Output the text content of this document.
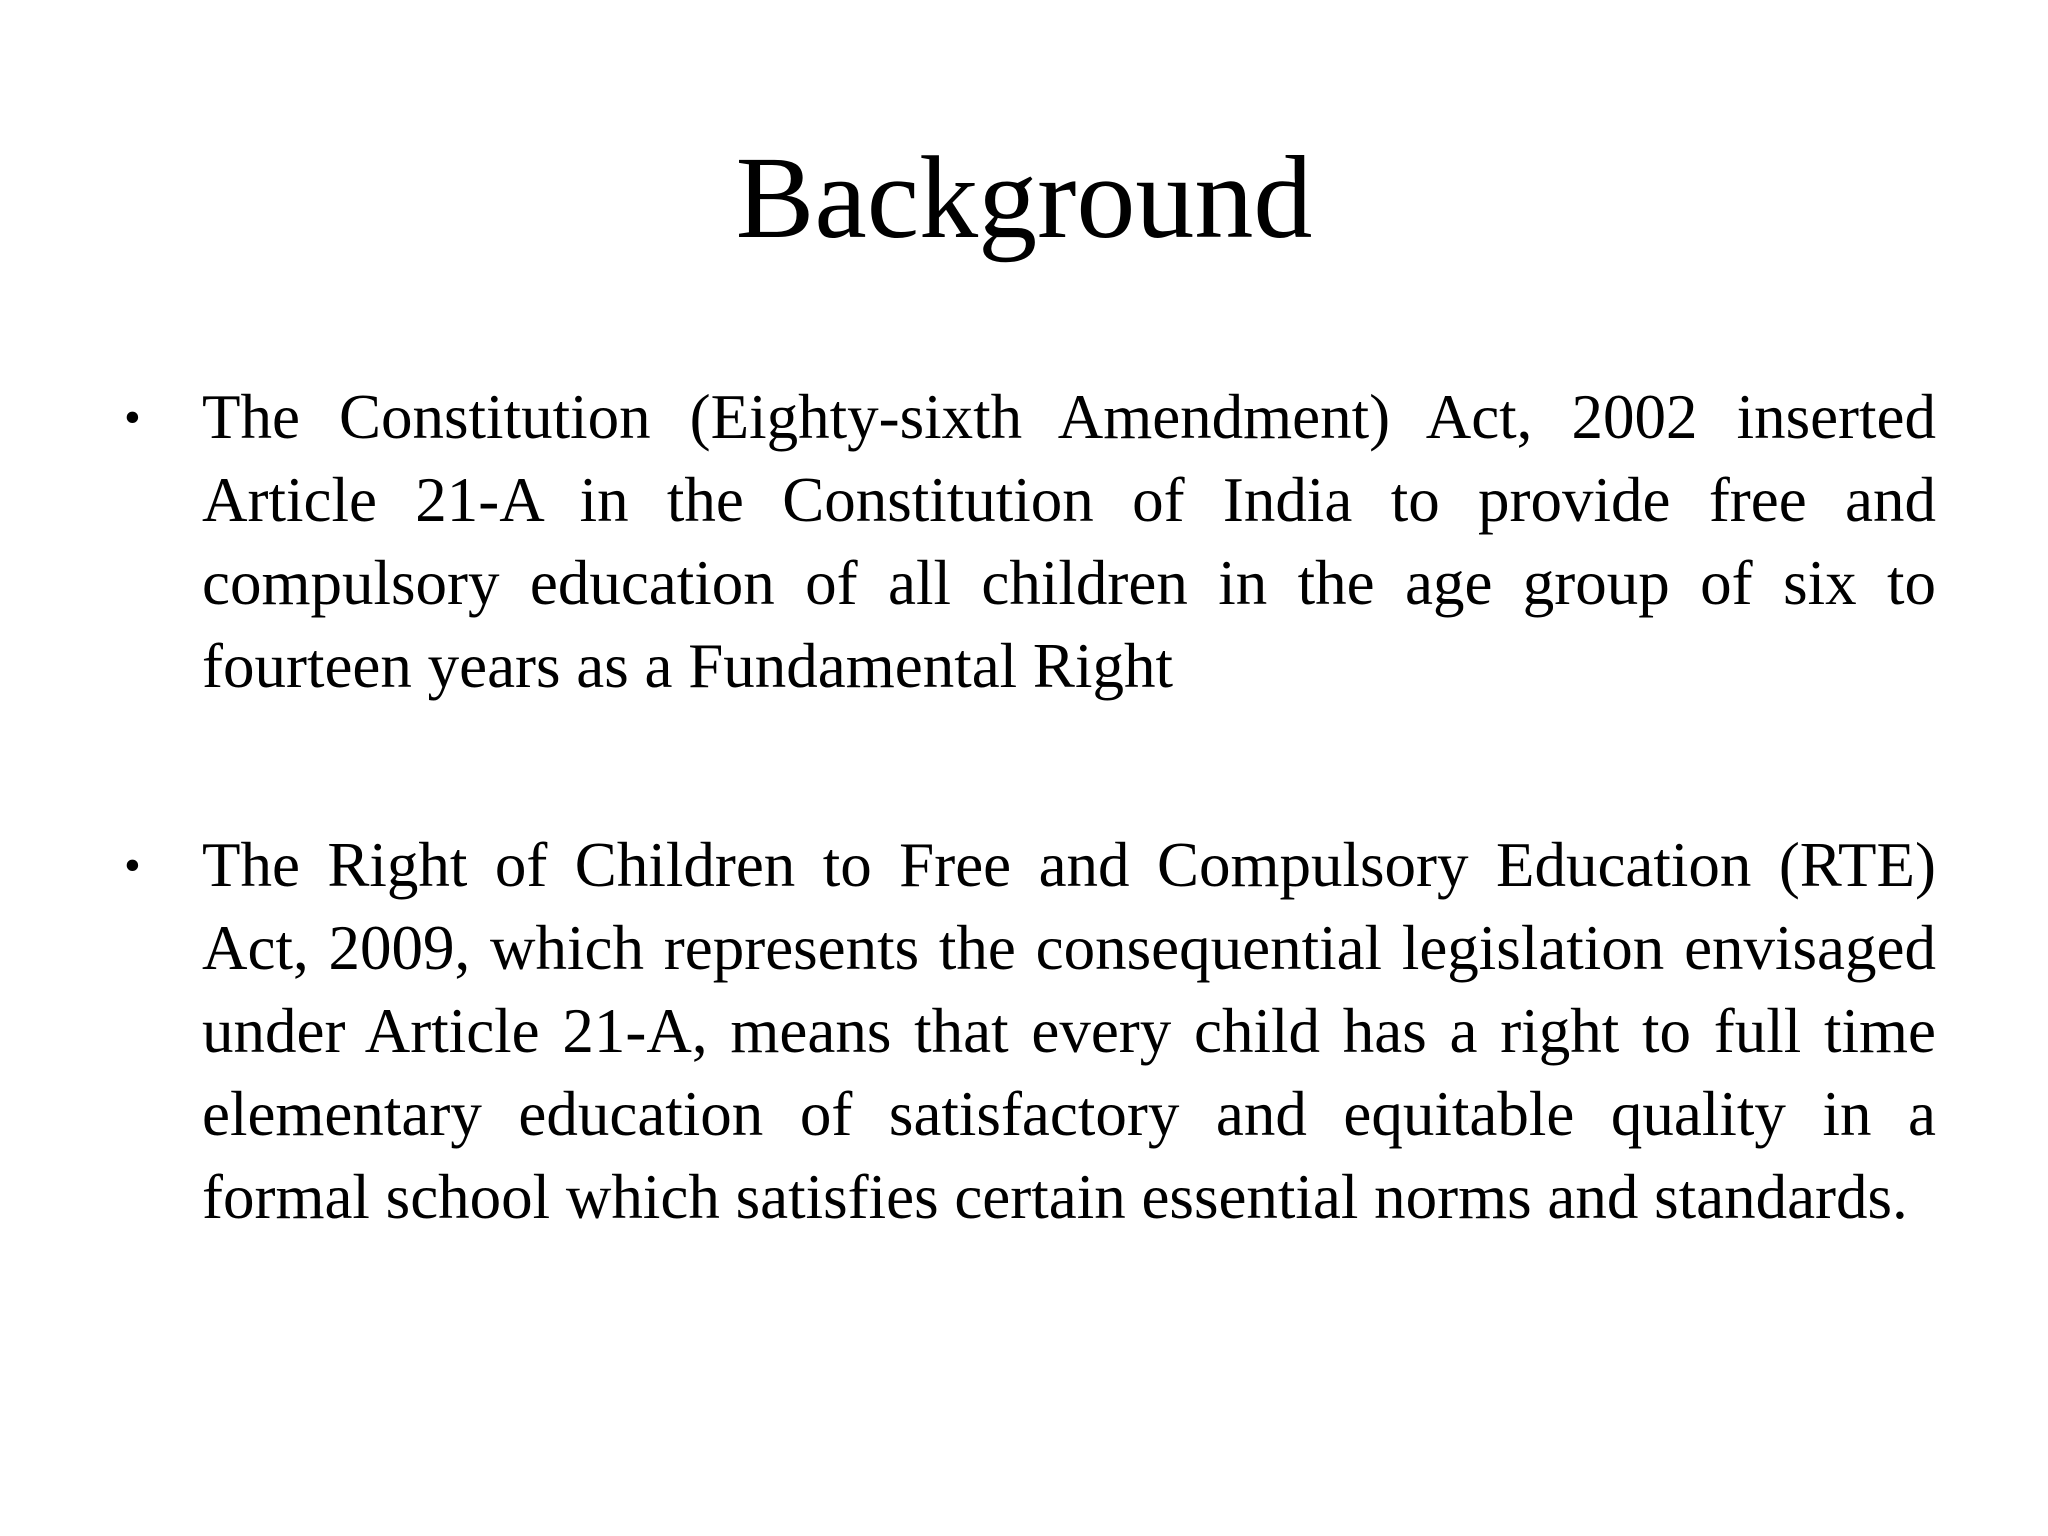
Background
• The Constitution (Eighty-sixth Amendment) Act, 2002 inserted Article 21-A in the Constitution of India to provide free and compulsory education of all children in the age group of six to fourteen years as a Fundamental Right
• The Right of Children to Free and Compulsory Education (RTE) Act, 2009, which represents the consequential legislation envisaged under Article 21-A, means that every child has a right to full time elementary education of satisfactory and equitable quality in a formal school which satisfies certain essential norms and standards.
